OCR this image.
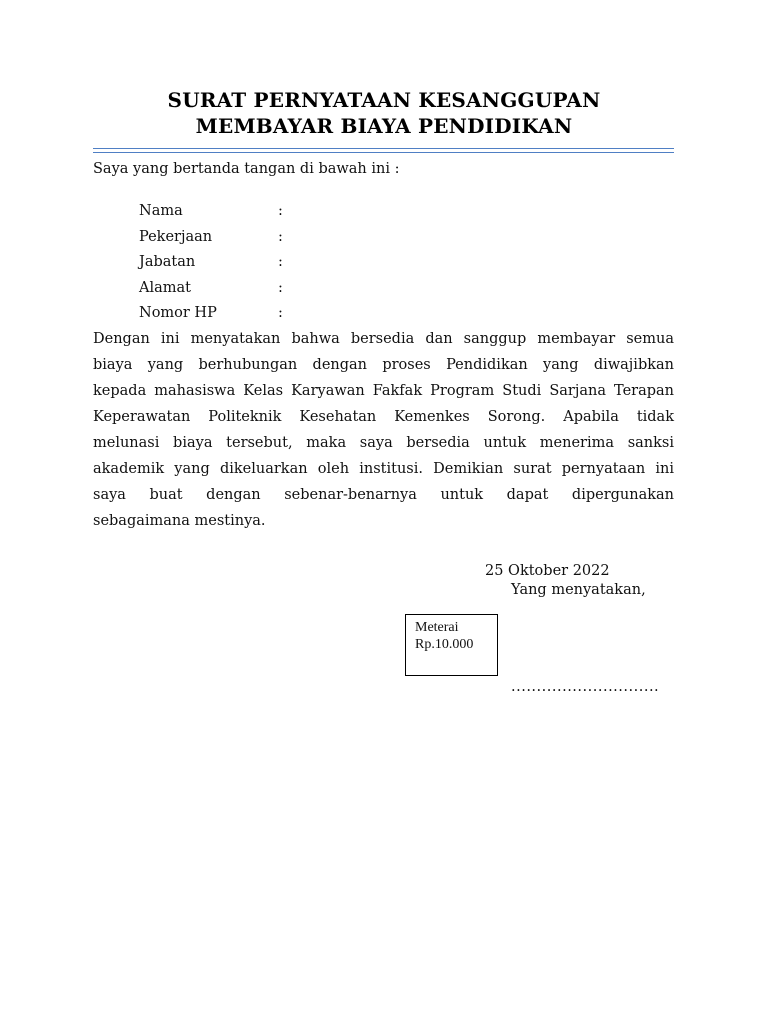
SURAT PERNYATAAN KESANGGUPAN
MEMBAYAR BIAYA PENDIDIKAN
Saya yang bertanda tangan di bawah ini :
Nama	:
Pekerjaan	:
Jabatan	:
Alamat	:
Nomor HP	:
Dengan ini menyatakan bahwa bersedia dan sanggup membayar semua
biaya yang berhubungan dengan proses Pendidikan yang diwajibkan
kepada mahasiswa Kelas Karyawan Fakfak Program Studi Sarjana Terapan
Keperawatan Politeknik Kesehatan Kemenkes Sorong. Apabila tidak
melunasi biaya tersebut, maka saya bersedia untuk menerima sanksi
akademik yang dikeluarkan oleh institusi. Demikian surat pernyataan ini
saya buat dengan sebenar-benarnya untuk dapat dipergunakan
sebagaimana mestinya.
25 Oktober 2022
Yang menyatakan,
Meterai
Rp.10.000
.............................
